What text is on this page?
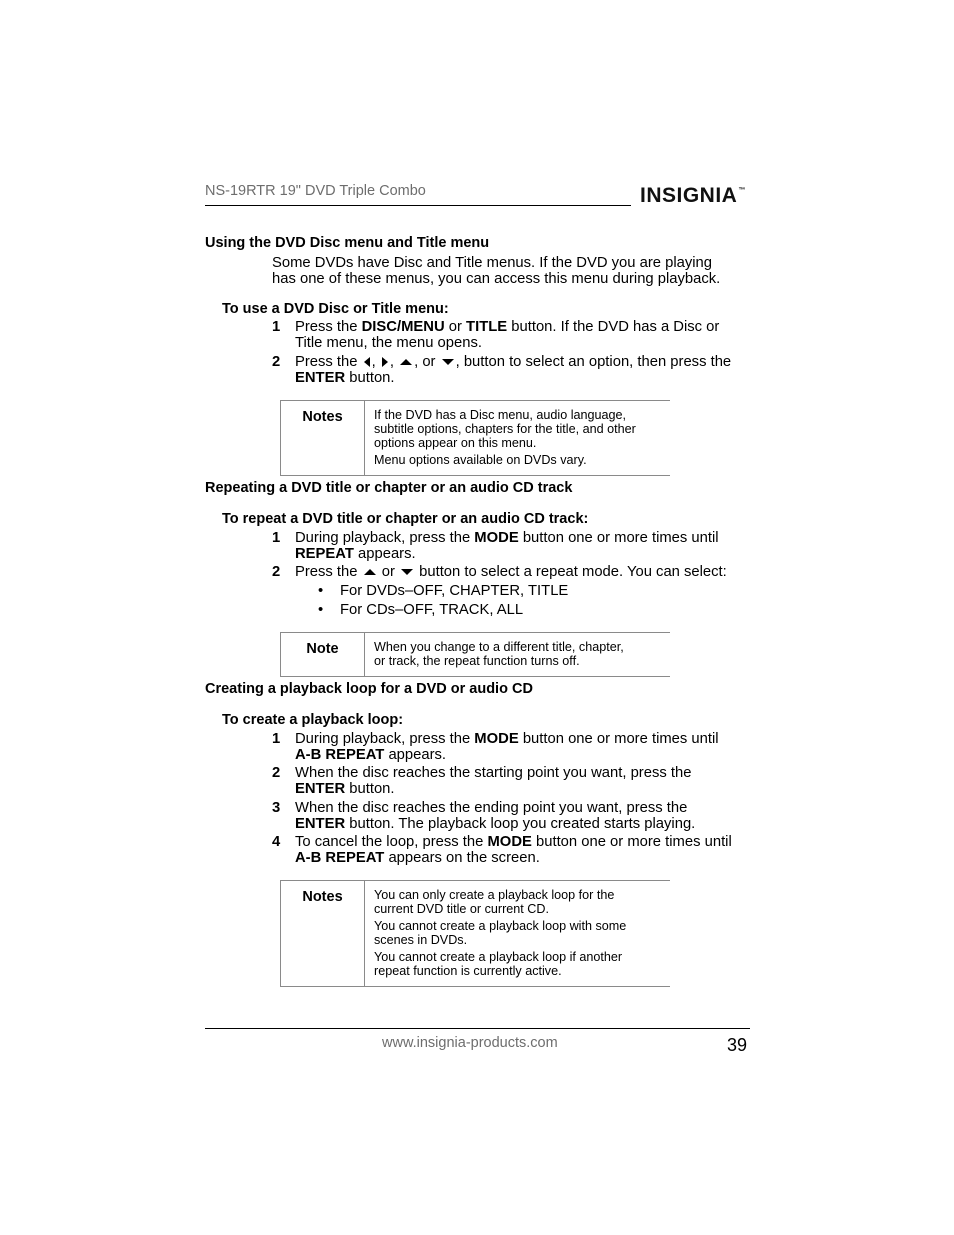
NS-19RTR 19" DVD Triple Combo	INSIGNIA™
Using the DVD Disc menu and Title menu
Some DVDs have Disc and Title menus. If the DVD you are playing
has one of these menus, you can access this menu during playback.
To use a DVD Disc or Title menu:
1 Press the DISC/MENU or TITLE button. If the DVD has a Disc or
Title menu, the menu opens.
2 Press the , , , or , button to select an option, then press the
ENTER button.
Notes	If the DVD has a Disc menu, audio language,
subtitle options, chapters for the title, and other
options appear on this menu.
Menu options available on DVDs vary.
Repeating a DVD title or chapter or an audio CD track
To repeat a DVD title or chapter or an audio CD track:
1 During playback, press the MODE button one or more times until
REPEAT appears.
2 Press the  or  button to select a repeat mode. You can select:
• For DVDs–OFF, CHAPTER, TITLE
• For CDs–OFF, TRACK, ALL
Note	When you change to a different title, chapter,
or track, the repeat function turns off.
Creating a playback loop for a DVD or audio CD
To create a playback loop:
1 During playback, press the MODE button one or more times until
A-B REPEAT appears.
2 When the disc reaches the starting point you want, press the
ENTER button.
3 When the disc reaches the ending point you want, press the
ENTER button. The playback loop you created starts playing.
4 To cancel the loop, press the MODE button one or more times until
A-B REPEAT appears on the screen.
Notes	You can only create a playback loop for the
current DVD title or current CD.
You cannot create a playback loop with some
scenes in DVDs.
You cannot create a playback loop if another
repeat function is currently active.
www.insignia-products.com	39
